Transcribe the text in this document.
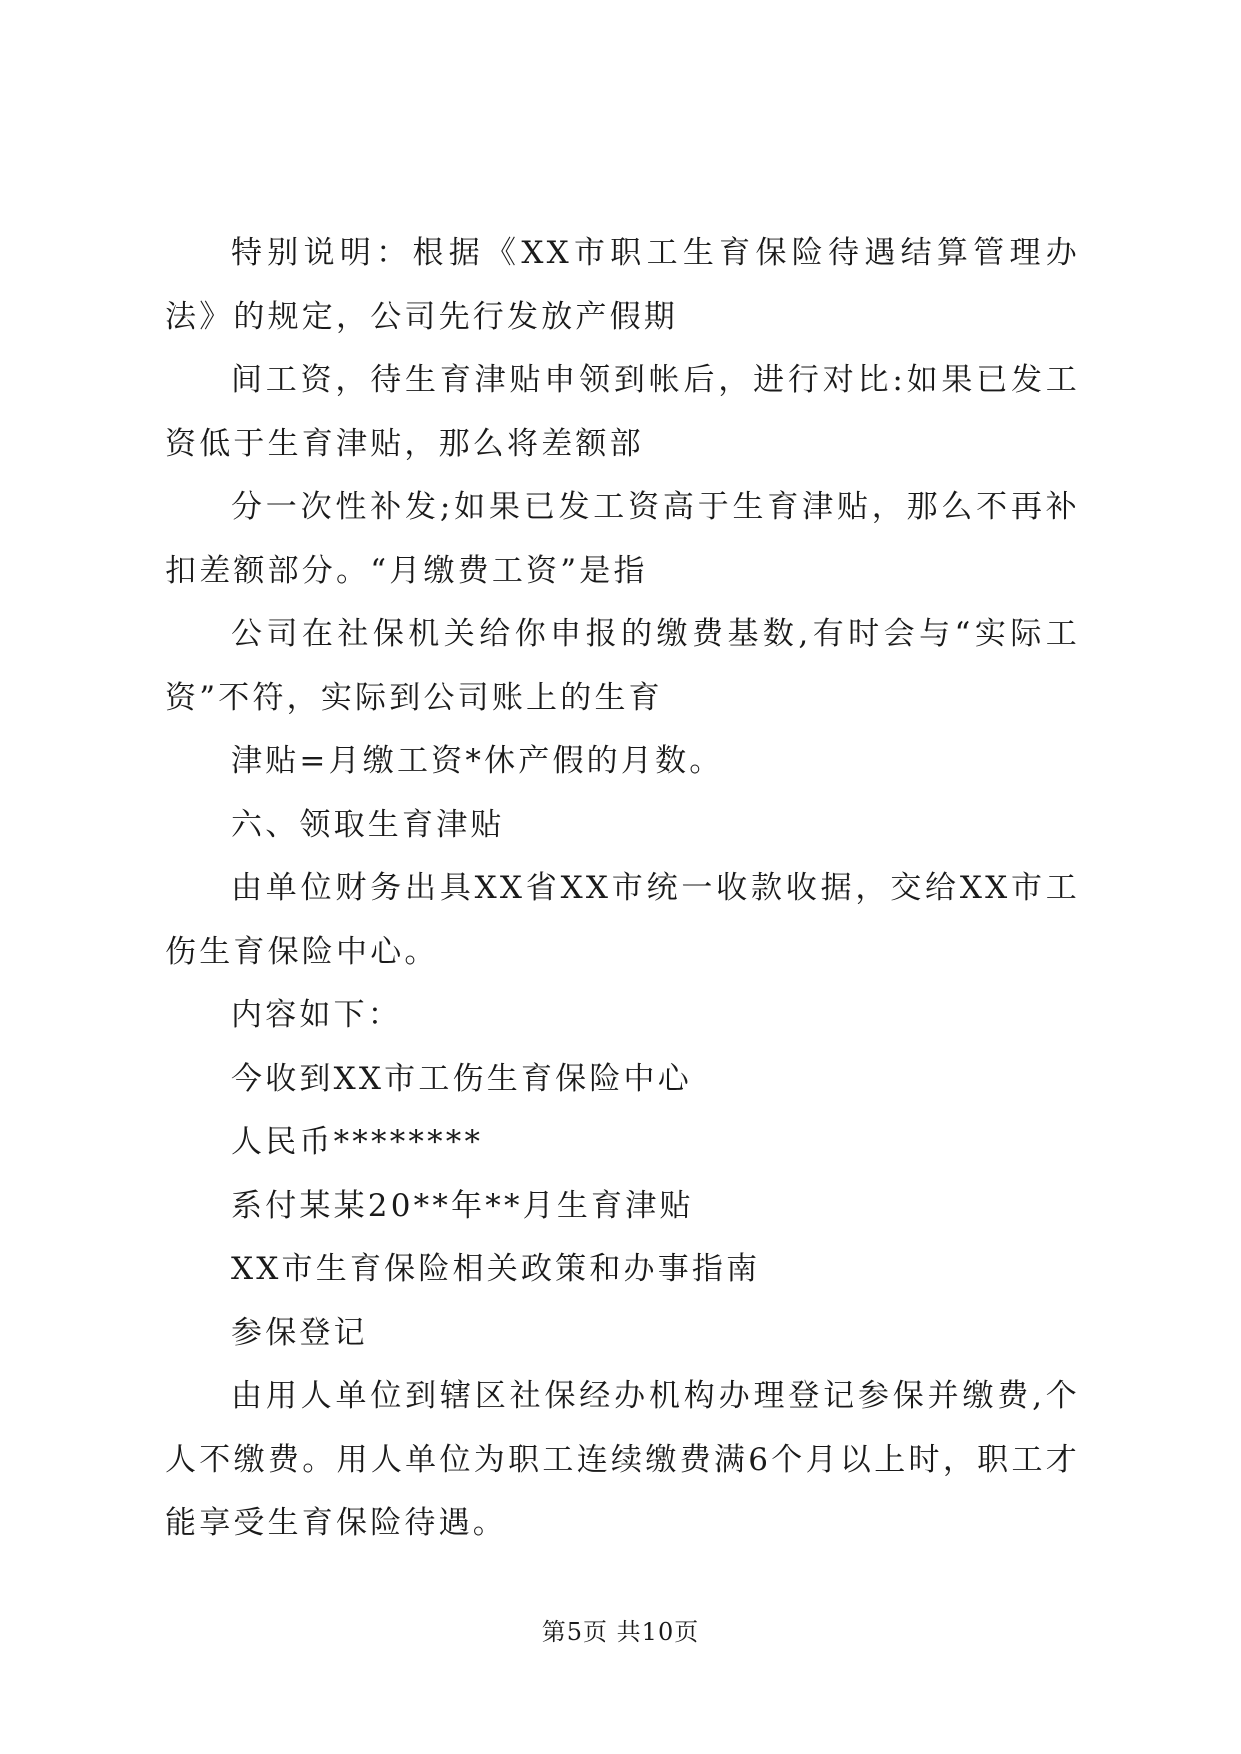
特别说明：根据《XX市职工生育保险待遇结算管理办法》的规定，公司先行发放产假期

间工资，待生育津贴申领到帐后，进行对比:如果已发工资低于生育津贴，那么将差额部

分一次性补发;如果已发工资高于生育津贴，那么不再补扣差额部分。“月缴费工资”是指

公司在社保机关给你申报的缴费基数,有时会与“实际工资”不符，实际到公司账上的生育

津贴=月缴工资*休产假的月数。

六、领取生育津贴

由单位财务出具XX省XX市统一收款收据，交给XX市工伤生育保险中心。

内容如下：

今收到XX市工伤生育保险中心

人民币********

系付某某20**年**月生育津贴

XX市生育保险相关政策和办事指南

参保登记

由用人单位到辖区社保经办机构办理登记参保并缴费,个人不缴费。用人单位为职工连续缴费满6个月以上时，职工才能享受生育保险待遇。

第5页 共10页
